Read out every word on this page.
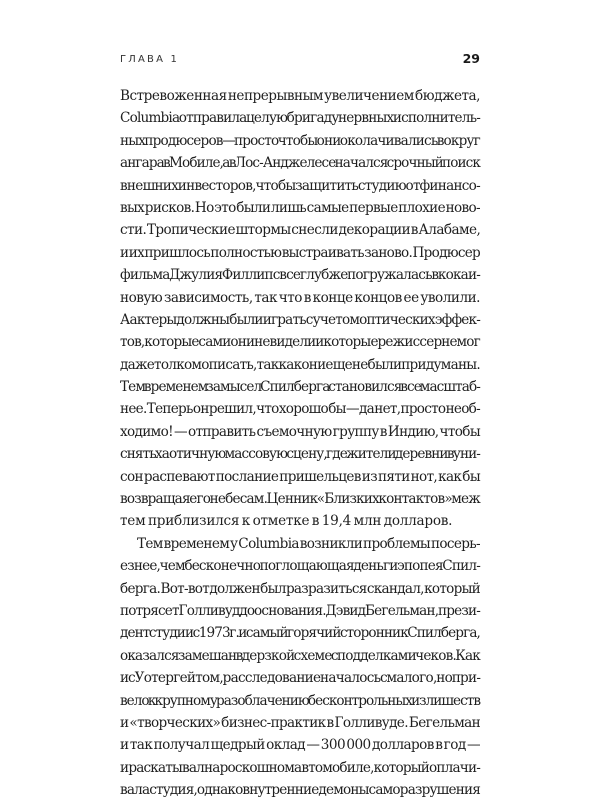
ГЛАВА 1	29
Встревоженная непрерывным увеличением бюджета,
Columbia отправила целую бригаду нервных исполнитель-
ных продюсеров — просто чтобы они околачивались вокруг
ангара в Мобиле, а в Лос-Анджелесе начался срочный поиск
внешних инвесторов, чтобы защитить студию от финансо-
вых рисков. Но это были лишь самые первые плохие ново-
сти. Тропические штормы снесли декорации в Алабаме,
и их пришлось полностью выстраивать заново. Продюсер
фильма Джулия Филлипс все глубже погружалась в кокаи-
новую зависимость, так что в конце концов ее уволили.
А актеры должны были играть с учетом оптических эффек-
тов, которые сами они не видели и которые режиссер не мог
даже толком описать, так как они еще не были придуманы.
Тем временем замысел Спилберга становился все масштаб-
нее. Теперь он решил, что хорошо бы — да нет, просто необ-
ходимо! — отправить съемочную группу в Индию, чтобы
снять хаотичную массовую сцену, где жители деревни в уни-
сон распевают послание пришельцев из пяти нот, как бы
возвращая его небесам. Ценник «Близких контактов» меж
тем приблизился к отметке в 19,4 млн долларов.
Тем временем у Columbia возникли проблемы посерь-
езнее, чем бесконечно поглощающая деньги эпопея Спил-
берга. Вот-вот должен был разразиться скандал, который
потрясет Голливуд до основания. Дэвид Бегельман, прези-
дент студии с 1973 г. и самый горячий сторонник Спилберга,
оказался замешан в дерзкой схеме с подделками чеков. Как
и с Уотергейтом, расследование началось с малого, но при-
вело к крупному разоблачению бесконтрольных излишеств
и «творческих» бизнес-практик в Голливуде. Бегельман
и так получал щедрый оклад — 300 000 долларов в год —
и раскатывал на роскошном автомобиле, который оплачи-
вала студия, однако внутренние демоны саморазрушения
